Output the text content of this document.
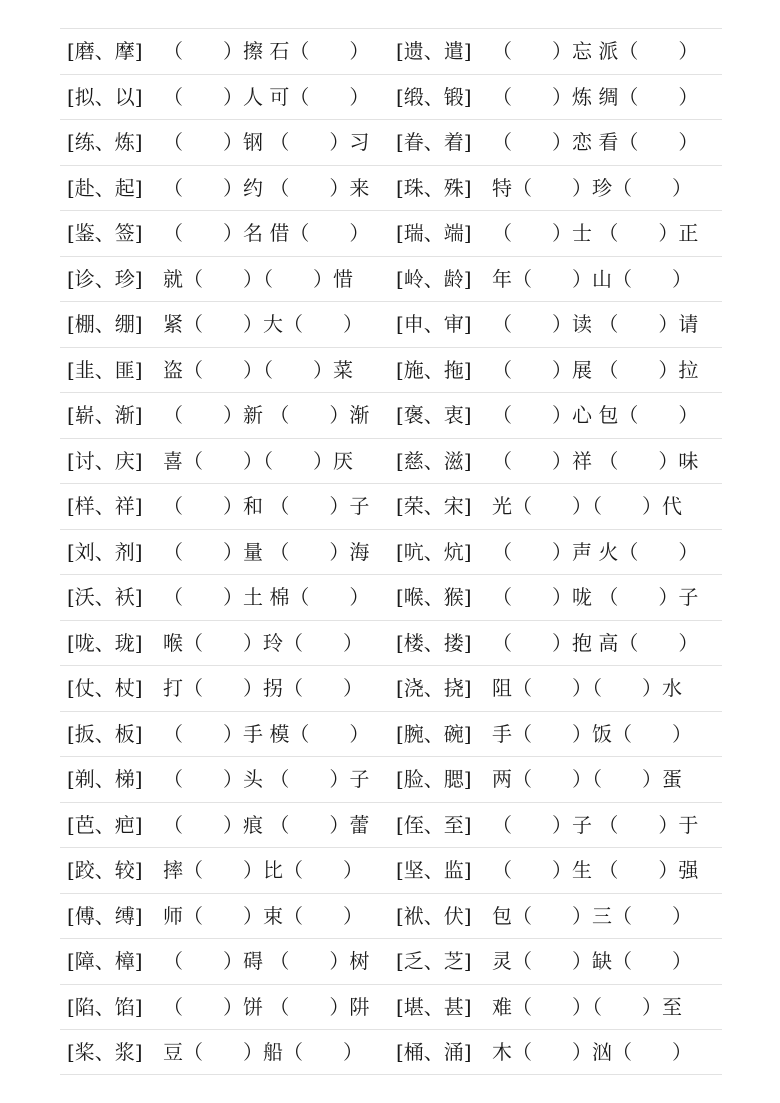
[磨、摩]	（　　）擦 石（　　） [遗、遣]	（　　）忘 派（　　）
[拟、以]	（　　）人 可（　　） [缎、锻]	（　　）炼 绸（　　）
[练、炼]	（　　）钢 （　　）习 [眷、着]	（　　）恋 看（　　）
[赴、起]	（　　）约 （　　）来 [珠、殊]	特（　　）珍（　　）
[鉴、签]	（　　）名 借（　　） [瑞、端]	（　　）士 （　　）正
[诊、珍]	就（　　）（　　）惜 [岭、龄]	年（　　）山（　　）
[棚、绷]	紧（　　）大（　　） [申、审]	（　　）读 （　　）请
[韭、匪]	盗（　　）（　　）菜 [施、拖]	（　　）展 （　　）拉
[崭、渐]	（　　）新 （　　）渐 [褒、衷]	（　　）心 包（　　）
[讨、庆]	喜（　　）（　　）厌 [慈、滋]	（　　）祥 （　　）味
[样、祥]	（　　）和 （　　）子 [荣、宋]	光（　　）（　　）代
[刘、剂]	（　　）量 （　　）海 [吭、炕]	（　　）声 火（　　）
[沃、袄]	（　　）土 棉（　　） [喉、猴]	（　　）咙 （　　）子
[咙、珑]	喉（　　）玲（　　） [楼、搂]	（　　）抱 高（　　）
[仗、杖]	打（　　）拐（　　） [浇、挠]	阻（　　）（　　）水
[扳、板]	（　　）手 模（　　） [腕、碗]	手（　　）饭（　　）
[剃、梯]	（　　）头 （　　）子 [脸、腮]	两（　　）（　　）蛋
[芭、疤]	（　　）痕 （　　）蕾 [侄、至]	（　　）子 （　　）于
[跤、较]	摔（　　）比（　　） [坚、监]	（　　）生 （　　）强
[傅、缚]	师（　　）束（　　） [袱、伏]	包（　　）三（　　）
[障、樟]	（　　）碍 （　　）树 [乏、芝]	灵（　　）缺（　　）
[陷、馅]	（　　）饼 （　　）阱 [堪、甚]	难（　　）（　　）至
[桨、浆]	豆（　　）船（　　） [桶、涌]	木（　　）汹（　　）
